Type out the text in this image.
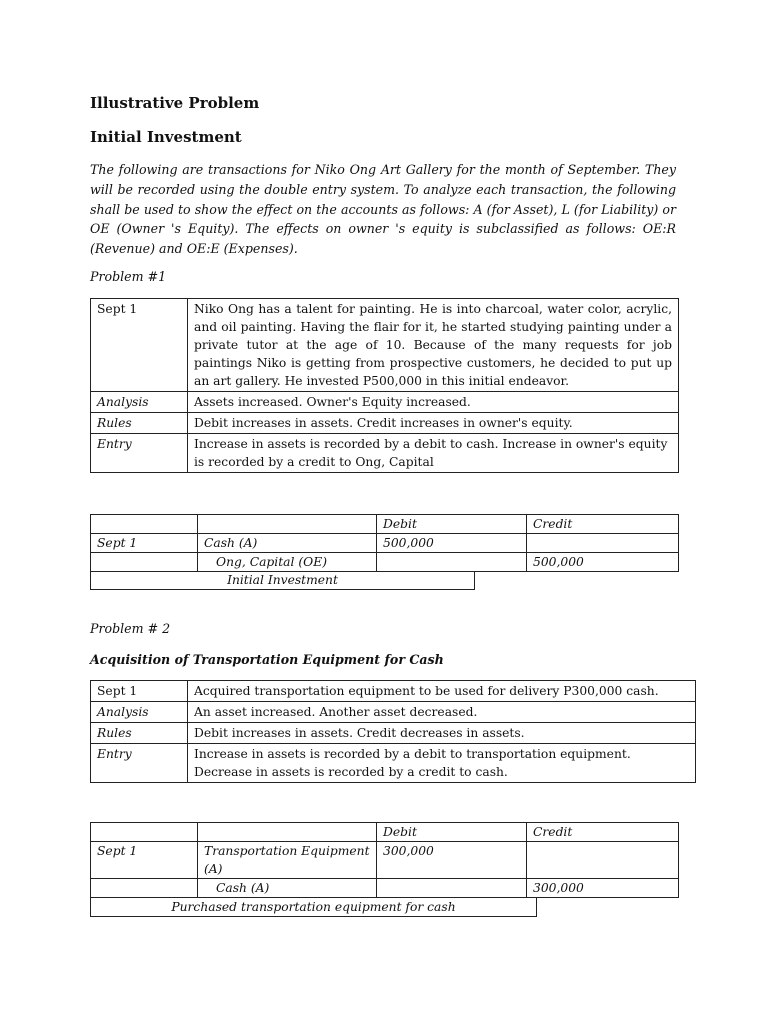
Illustrative Problem
Initial Investment
The following are transactions for Niko Ong Art Gallery for the month of September. They will be recorded using the double entry system. To analyze each transaction, the following shall be used to show the effect on the accounts as follows: A (for Asset), L (for Liability) or OE (Owner 's Equity). The effects on owner 's equity is subclassified as follows: OE:R (Revenue) and OE:E (Expenses).
Problem #1
Sept 1	Niko Ong has a talent for painting. He is into charcoal, water color, acrylic, and oil painting. Having the flair for it, he started studying painting under a private tutor at the age of 10. Because of the many requests for job paintings Niko is getting from prospective customers, he decided to put up an art gallery. He invested P500,000 in this initial endeavor.
Analysis	Assets increased. Owner's Equity increased.
Rules	Debit increases in assets. Credit increases in owner's equity.
Entry	Increase in assets is recorded by a debit to cash. Increase in owner's equity is recorded by a credit to Ong, Capital
		Debit	Credit
Sept 1	Cash (A)	500,000	
	Ong, Capital (OE)		500,000
Initial Investment
Problem # 2
Acquisition of Transportation Equipment for Cash
Sept 1	Acquired transportation equipment to be used for delivery P300,000 cash.
Analysis	An asset increased. Another asset decreased.
Rules	Debit increases in assets. Credit decreases in assets.
Entry	Increase in assets is recorded by a debit to transportation equipment. Decrease in assets is recorded by a credit to cash.
		Debit	Credit
Sept 1	Transportation Equipment (A)	300,000	
	Cash (A)		300,000
Purchased transportation equipment for cash
